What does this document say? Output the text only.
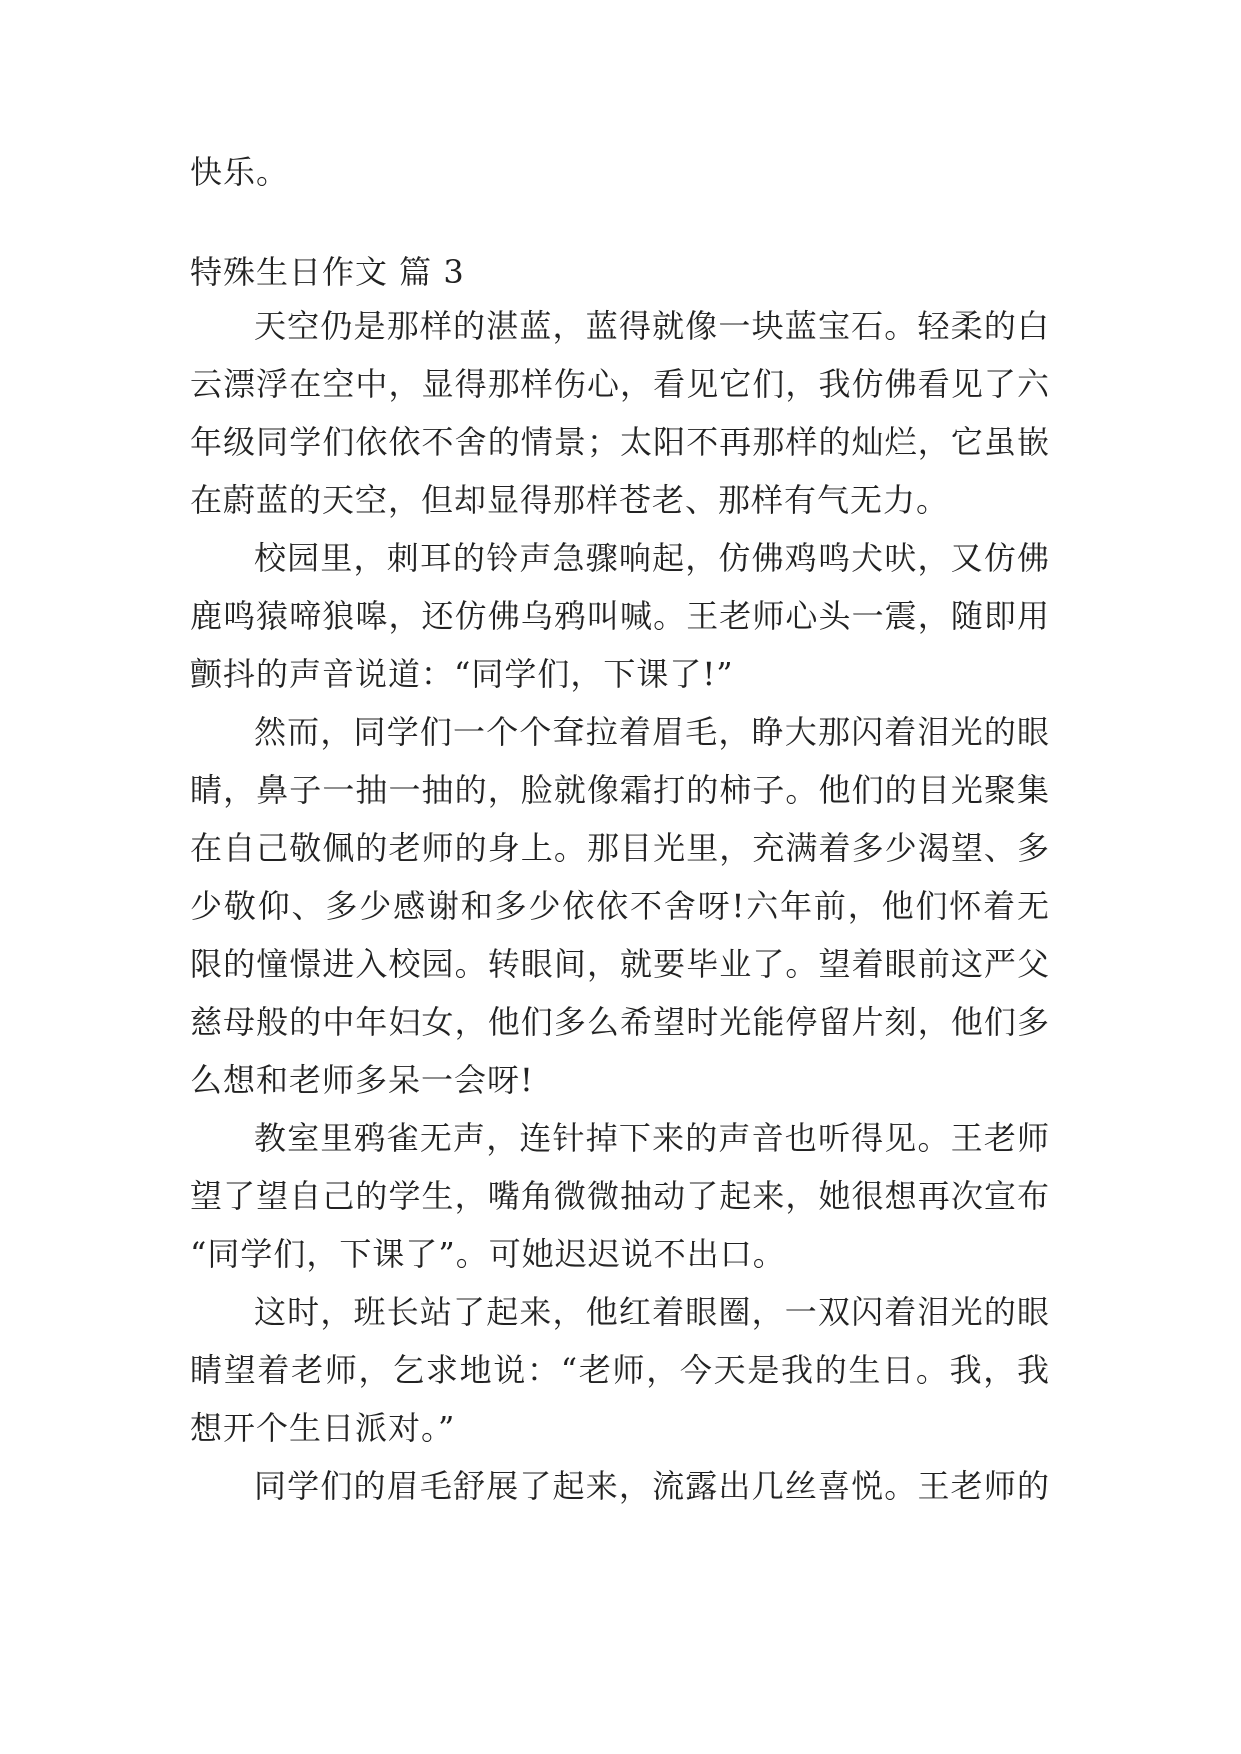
快乐。
特殊生日作文 篇 3
天空仍是那样的湛蓝，蓝得就像一块蓝宝石。轻柔的白
云漂浮在空中，显得那样伤心，看见它们，我仿佛看见了六
年级同学们依依不舍的情景；太阳不再那样的灿烂，它虽嵌
在蔚蓝的天空，但却显得那样苍老、那样有气无力。
校园里，刺耳的铃声急骤响起，仿佛鸡鸣犬吠，又仿佛
鹿鸣猿啼狼嗥，还仿佛乌鸦叫喊。王老师心头一震，随即用
颤抖的声音说道：“同学们，下课了!”
然而，同学们一个个耷拉着眉毛，睁大那闪着泪光的眼
睛，鼻子一抽一抽的，脸就像霜打的柿子。他们的目光聚集
在自己敬佩的老师的身上。那目光里，充满着多少渴望、多
少敬仰、多少感谢和多少依依不舍呀!六年前，他们怀着无
限的憧憬进入校园。转眼间，就要毕业了。望着眼前这严父
慈母般的中年妇女，他们多么希望时光能停留片刻，他们多
么想和老师多呆一会呀!
教室里鸦雀无声，连针掉下来的声音也听得见。王老师
望了望自己的学生，嘴角微微抽动了起来，她很想再次宣布
“同学们，下课了”。可她迟迟说不出口。
这时，班长站了起来，他红着眼圈，一双闪着泪光的眼
睛望着老师，乞求地说：“老师，今天是我的生日。我，我
想开个生日派对。”
同学们的眉毛舒展了起来，流露出几丝喜悦。王老师的
